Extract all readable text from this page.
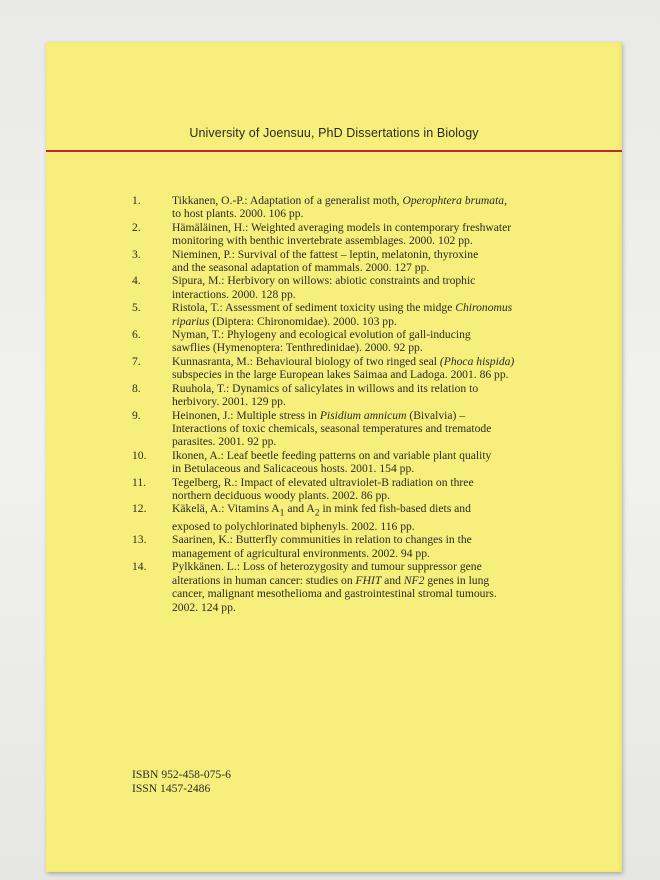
University of Joensuu, PhD Dissertations in Biology
1.	Tikkanen, O.-P.: Adaptation of a generalist moth, Operophtera brumata,
to host plants. 2000. 106 pp.
2.	Hämäläinen, H.: Weighted averaging models in contemporary freshwater
monitoring with benthic invertebrate assemblages. 2000. 102 pp.
3.	Nieminen, P.: Survival of the fattest – leptin, melatonin, thyroxine
and the seasonal adaptation of mammals. 2000. 127 pp.
4.	Sipura, M.: Herbivory on willows: abiotic constraints and trophic
interactions. 2000. 128 pp.
5.	Ristola, T.: Assessment of sediment toxicity using the midge Chironomus
riparius (Diptera: Chironomidae). 2000. 103 pp.
6.	Nyman, T.: Phylogeny and ecological evolution of gall-inducing
sawflies (Hymenoptera: Tenthredinidae). 2000. 92 pp.
7.	Kunnasranta, M.: Behavioural biology of two ringed seal (Phoca hispida)
subspecies in the large European lakes Saimaa and Ladoga. 2001. 86 pp.
8.	Ruuhola, T.: Dynamics of salicylates in willows and its relation to
herbivory. 2001. 129 pp.
9.	Heinonen, J.: Multiple stress in Pisidium amnicum (Bivalvia) –
Interactions of toxic chemicals, seasonal temperatures and trematode
parasites. 2001. 92 pp.
10. Ikonen, A.: Leaf beetle feeding patterns on and variable plant quality
in Betulaceous and Salicaceous hosts. 2001. 154 pp.
11. Tegelberg, R.: Impact of elevated ultraviolet-B radiation on three
northern deciduous woody plants. 2002. 86 pp.
12. Käkelä, A.: Vitamins $A_1$ and $A_2$ in mink fed fish-based diets and
exposed to polychlorinated biphenyls. 2002. 116 pp.
13. Saarinen, K.: Butterfly communities in relation to changes in the
management of agricultural environments. 2002. 94 pp.
14. Pylkkänen. L.: Loss of heterozygosity and tumour suppressor gene
alterations in human cancer: studies on FHIT and NF2 genes in lung
cancer, malignant mesothelioma and gastrointestinal stromal tumours.
2002. 124 pp.
ISBN 952-458-075-6
ISSN 1457-2486
